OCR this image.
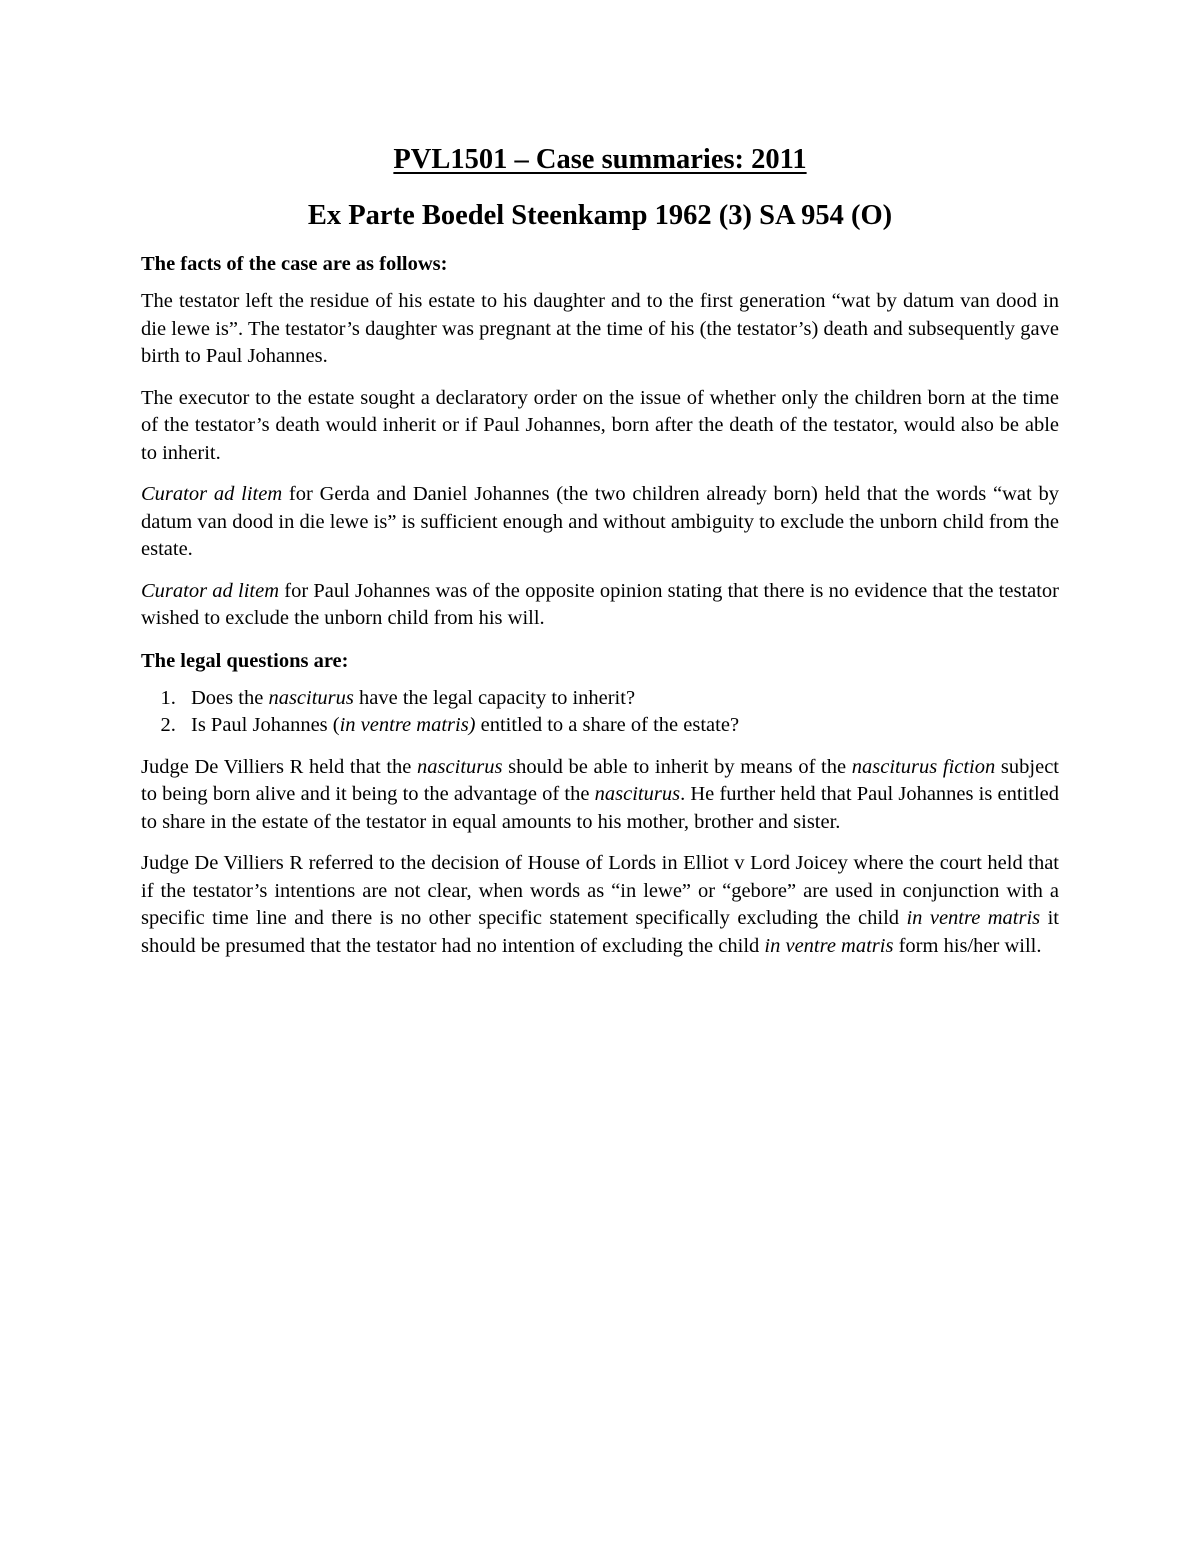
PVL1501 – Case summaries: 2011
Ex Parte Boedel Steenkamp 1962 (3) SA 954 (O)

The facts of the case are as follows:

The testator left the residue of his estate to his daughter and to the first generation “wat by datum van dood in die lewe is”. The testator’s daughter was pregnant at the time of his (the testator’s) death and subsequently gave birth to Paul Johannes.

The executor to the estate sought a declaratory order on the issue of whether only the children born at the time of the testator’s death would inherit or if Paul Johannes, born after the death of the testator, would also be able to inherit.

Curator ad litem for Gerda and Daniel Johannes (the two children already born) held that the words “wat by datum van dood in die lewe is” is sufficient enough and without ambiguity to exclude the unborn child from the estate.

Curator ad litem for Paul Johannes was of the opposite opinion stating that there is no evidence that the testator wished to exclude the unborn child from his will.

The legal questions are:

1. Does the nasciturus have the legal capacity to inherit?
2. Is Paul Johannes (in ventre matris) entitled to a share of the estate?

Judge De Villiers R held that the nasciturus should be able to inherit by means of the nasciturus fiction subject to being born alive and it being to the advantage of the nasciturus. He further held that Paul Johannes is entitled to share in the estate of the testator in equal amounts to his mother, brother and sister.

Judge De Villiers R referred to the decision of House of Lords in Elliot v Lord Joicey where the court held that if the testator’s intentions are not clear, when words as “in lewe” or “gebore” are used in conjunction with a specific time line and there is no other specific statement specifically excluding the child in ventre matris it should be presumed that the testator had no intention of excluding the child in ventre matris form his/her will.
